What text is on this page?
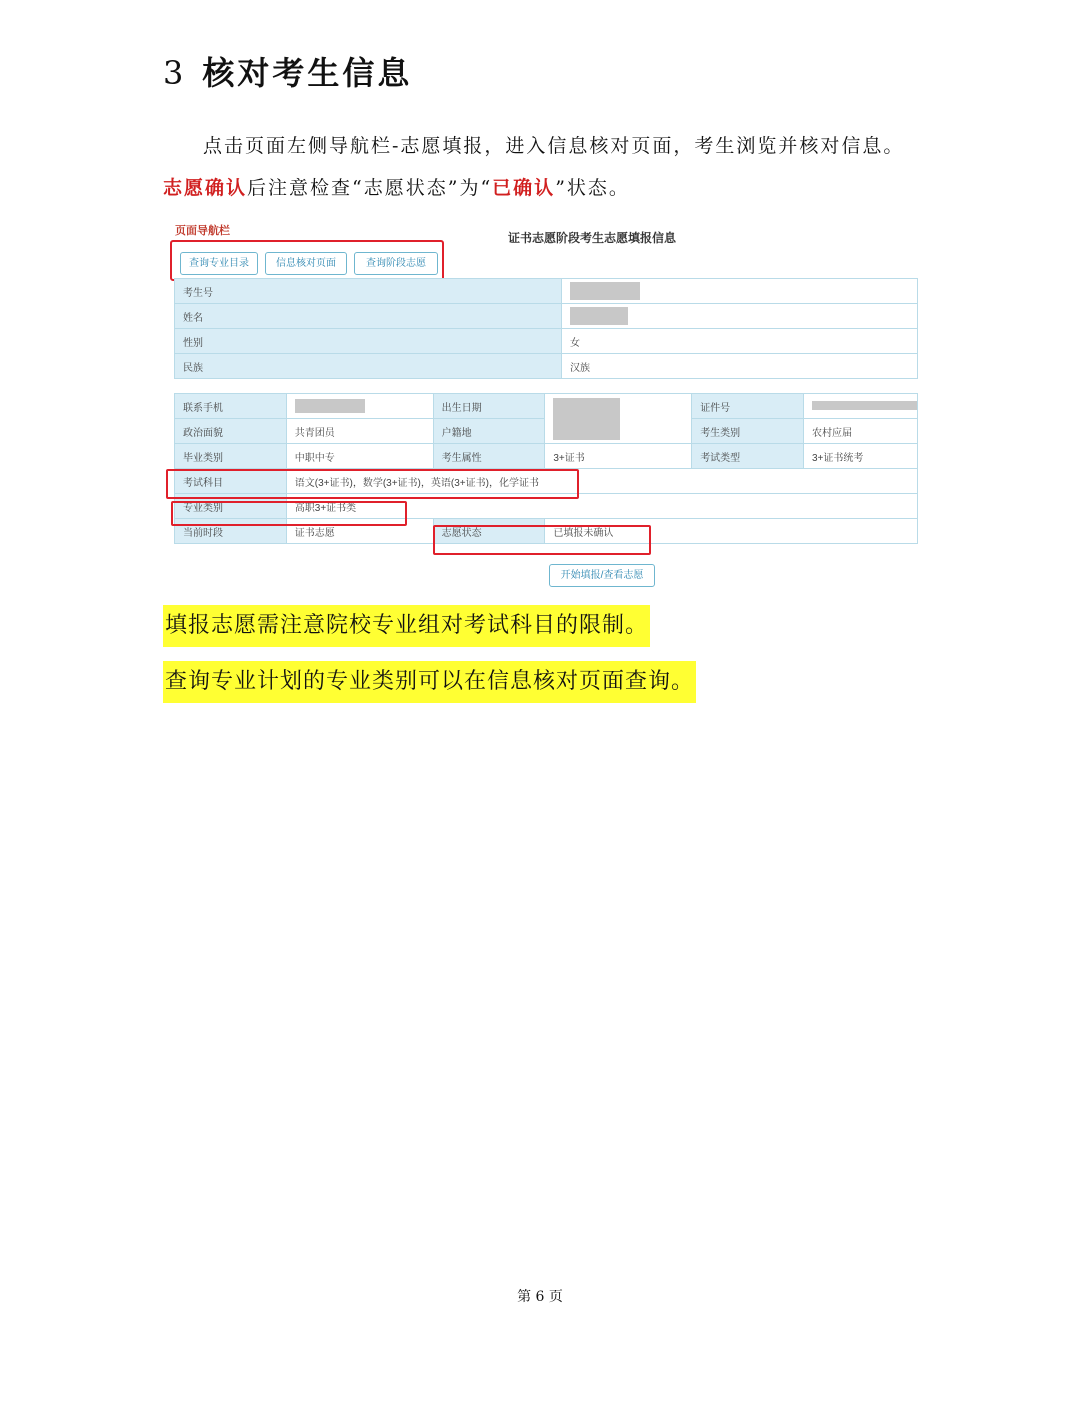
3 核对考生信息
点击页面左侧导航栏-志愿填报，进入信息核对页面，考生浏览并核对信息。
志愿确认后注意检查“志愿状态”为“已确认”状态。
页面导航栏
证书志愿阶段考生志愿填报信息
查询专业目录	信息核对页面	查询阶段志愿
考生号	
姓名	
性别	女
民族	汉族
联系手机		出生日期		证件号	
政治面貌	共青团员	户籍地		考生类别	农村应届
毕业类别	中职中专	考生属性	3+证书	考试类型	3+证书统考
考试科目	语文(3+证书)，数学(3+证书)，英语(3+证书)，化学证书				
专业类别	高职3+证书类				
当前时段	证书志愿	志愿状态	已填报未确认		
开始填报/查看志愿
填报志愿需注意院校专业组对考试科目的限制。
查询专业计划的专业类别可以在信息核对页面查询。
第 6 页
